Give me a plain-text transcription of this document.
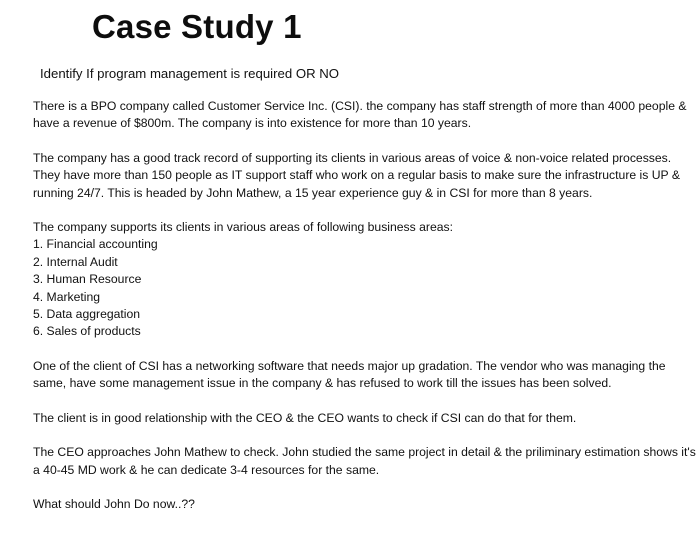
Case Study 1

Identify If program management is required OR NO

There is a BPO company called Customer Service Inc. (CSI). the company has staff strength of more than 4000 people & have a revenue of $800m. The company is into existence for more than 10 years.

The company has a good track record of supporting its clients in various areas of voice & non-voice related processes. They have more than 150 people as IT support staff who work on a regular basis to make sure the infrastructure is UP & running 24/7. This is headed by John Mathew, a 15 year experience guy & in CSI for more than 8 years.

The company supports its clients in various areas of following business areas:

1. Financial accounting
2. Internal Audit
3. Human Resource
4. Marketing
5. Data aggregation
6. Sales of products

One of the client of CSI has a networking software that needs major up gradation. The vendor who was managing the same, have some management issue in the company & has refused to work till the issues has been solved.

The client is in good relationship with the CEO & the CEO wants to check if CSI can do that for them.

The CEO approaches John Mathew to check. John studied the same project in detail & the priliminary estimation shows it's a 40-45 MD work & he can dedicate 3-4 resources for the same.

What should John Do now..??
